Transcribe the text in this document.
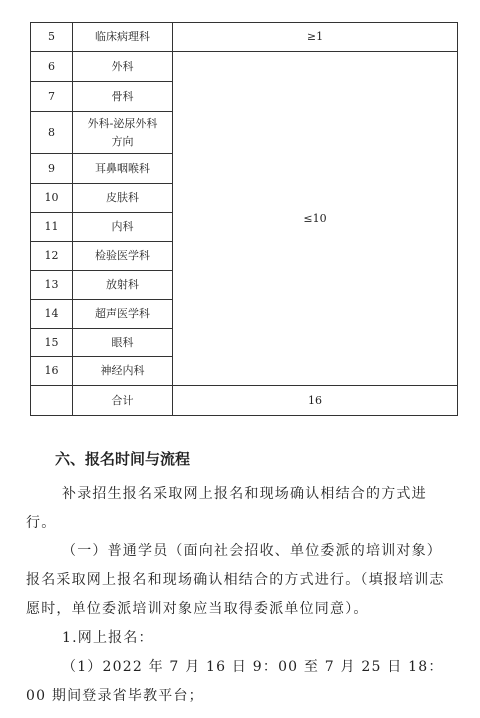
5	临床病理科	≥1
6	外科	≤10
7	骨科	
8	外科-泌尿外科方向	
9	耳鼻咽喉科	
10	皮肤科	
11	内科	
12	检验医学科	
13	放射科	
14	超声医学科	
15	眼科	
16	神经内科	
	合计	16
六、报名时间与流程
补录招生报名采取网上报名和现场确认相结合的方式进行。
（一）普通学员（面向社会招收、单位委派的培训对象）报名采取网上报名和现场确认相结合的方式进行。（填报培训志愿时，单位委派培训对象应当取得委派单位同意）。
1.网上报名：
（1）2022 年 7 月 16 日 9：00 至 7 月 25 日 18：00 期间登录省毕教平台；
